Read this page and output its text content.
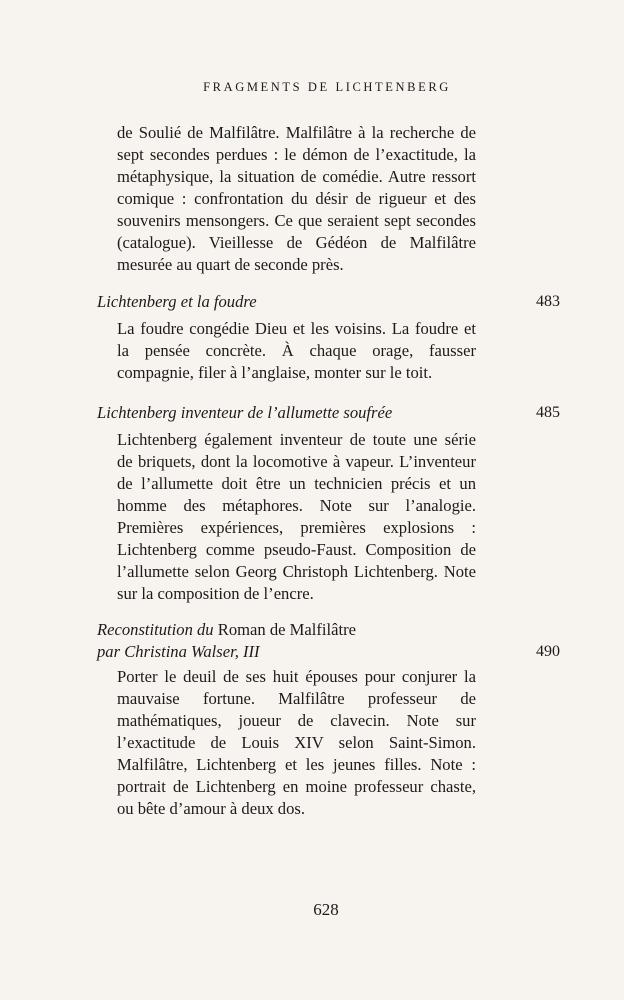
FRAGMENTS DE LICHTENBERG
de Soulié de Malfilâtre. Malfilâtre à la recherche de sept secondes perdues : le démon de l’exactitude, la métaphysique, la situation de comédie. Autre ressort comique : confrontation du désir de rigueur et des souvenirs mensongers. Ce que seraient sept secondes (catalogue). Vieillesse de Gédéon de Malfilâtre mesurée au quart de seconde près.
Lichtenberg et la foudre	483
La foudre congédie Dieu et les voisins. La foudre et la pensée concrète. À chaque orage, fausser compagnie, filer à l’anglaise, monter sur le toit.
Lichtenberg inventeur de l’allumette soufrée	485
Lichtenberg également inventeur de toute une série de briquets, dont la locomotive à vapeur. L’inventeur de l’allumette doit être un technicien précis et un homme des métaphores. Note sur l’analogie. Premières expériences, premières explosions : Lichtenberg comme pseudo-Faust. Composition de l’allumette selon Georg Christoph Lichtenberg. Note sur la composition de l’encre.
Reconstitution du Roman de Malfilâtre
par Christina Walser, III	490
Porter le deuil de ses huit épouses pour conjurer la mauvaise fortune. Malfilâtre professeur de mathématiques, joueur de clavecin. Note sur l’exactitude de Louis XIV selon Saint-Simon. Malfilâtre, Lichtenberg et les jeunes filles. Note : portrait de Lichtenberg en moine professeur chaste, ou bête d’amour à deux dos.
628
